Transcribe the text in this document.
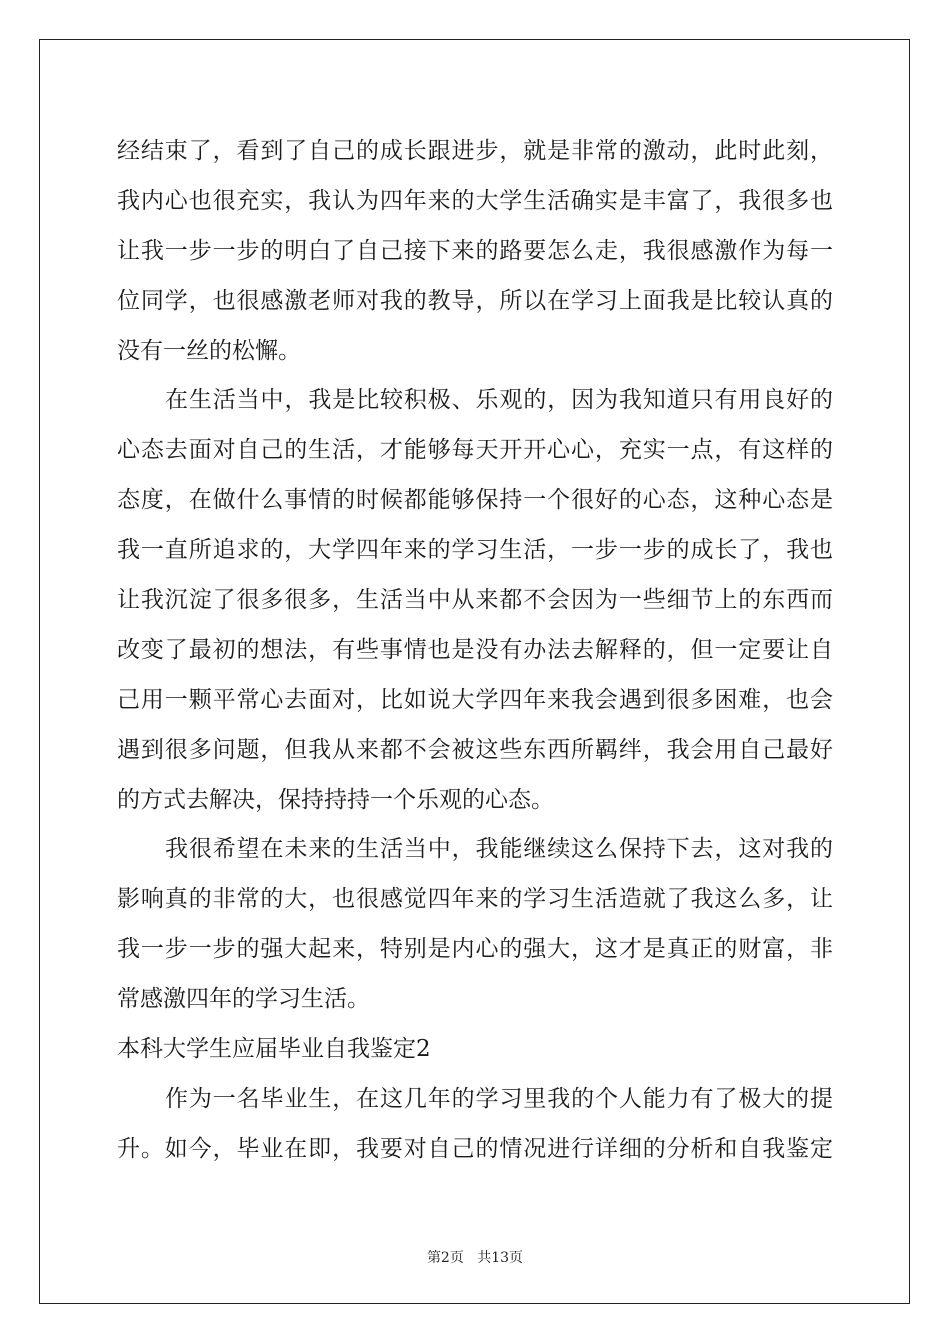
经结束了，看到了自己的成长跟进步，就是非常的激动，此时此刻，
我内心也很充实，我认为四年来的大学生活确实是丰富了，我很多也
让我一步一步的明白了自己接下来的路要怎么走，我很感激作为每一
位同学，也很感激老师对我的教导，所以在学习上面我是比较认真的
没有一丝的松懈。
在生活当中，我是比较积极、乐观的，因为我知道只有用良好的
心态去面对自己的生活，才能够每天开开心心，充实一点，有这样的
态度，在做什么事情的时候都能够保持一个很好的心态，这种心态是
我一直所追求的，大学四年来的学习生活，一步一步的成长了，我也
让我沉淀了很多很多，生活当中从来都不会因为一些细节上的东西而
改变了最初的想法，有些事情也是没有办法去解释的，但一定要让自
己用一颗平常心去面对，比如说大学四年来我会遇到很多困难，也会
遇到很多问题，但我从来都不会被这些东西所羁绊，我会用自己最好
的方式去解决，保持持持一个乐观的心态。
我很希望在未来的生活当中，我能继续这么保持下去，这对我的
影响真的非常的大，也很感觉四年来的学习生活造就了我这么多，让
我一步一步的强大起来，特别是内心的强大，这才是真正的财富，非
常感激四年的学习生活。
本科大学生应届毕业自我鉴定2
作为一名毕业生，在这几年的学习里我的个人能力有了极大的提
升。如今，毕业在即，我要对自己的情况进行详细的分析和自我鉴定
第2页 共13页
